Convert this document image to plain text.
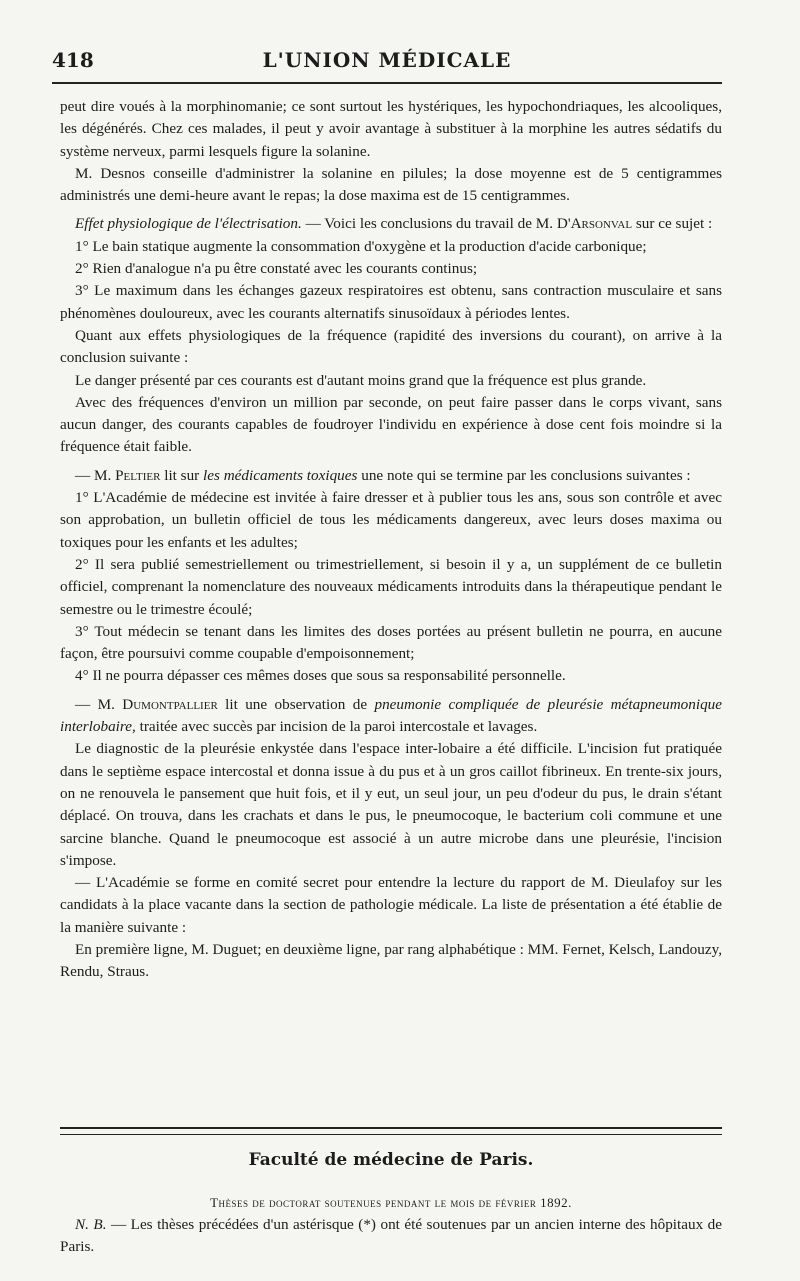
418	L'UNION MÉDICALE

peut dire voués à la morphinomanie; ce sont surtout les hystériques, les hypochondriaques, les alcooliques, les dégénérés. Chez ces malades, il peut y avoir avantage à substituer à la morphine les autres sédatifs du système nerveux, parmi lesquels figure la solanine.

M. Desnos conseille d'administrer la solanine en pilules; la dose moyenne est de 5 centigrammes administrés une demi-heure avant le repas; la dose maxima est de 15 centigrammes.

Effet physiologique de l'électrisation. — Voici les conclusions du travail de M. D'Arsonval sur ce sujet :

1° Le bain statique augmente la consommation d'oxygène et la production d'acide carbonique;

2° Rien d'analogue n'a pu être constaté avec les courants continus;

3° Le maximum dans les échanges gazeux respiratoires est obtenu, sans contraction musculaire et sans phénomènes douloureux, avec les courants alternatifs sinusoïdaux à périodes lentes.

Quant aux effets physiologiques de la fréquence (rapidité des inversions du courant), on arrive à la conclusion suivante :

Le danger présenté par ces courants est d'autant moins grand que la fréquence est plus grande.

Avec des fréquences d'environ un million par seconde, on peut faire passer dans le corps vivant, sans aucun danger, des courants capables de foudroyer l'individu en expérience à dose cent fois moindre si la fréquence était faible.

— M. Peltier lit sur les médicaments toxiques une note qui se termine par les conclusions suivantes :

1° L'Académie de médecine est invitée à faire dresser et à publier tous les ans, sous son contrôle et avec son approbation, un bulletin officiel de tous les médicaments dangereux, avec leurs doses maxima ou toxiques pour les enfants et les adultes;

2° Il sera publié semestriellement ou trimestriellement, si besoin il y a, un supplément de ce bulletin officiel, comprenant la nomenclature des nouveaux médicaments introduits dans la thérapeutique pendant le semestre ou le trimestre écoulé;

3° Tout médecin se tenant dans les limites des doses portées au présent bulletin ne pourra, en aucune façon, être poursuivi comme coupable d'empoisonnement;

4° Il ne pourra dépasser ces mêmes doses que sous sa responsabilité personnelle.

— M. Dumontpallier lit une observation de pneumonie compliquée de pleurésie métapneumonique interlobaire, traitée avec succès par incision de la paroi intercostale et lavages.

Le diagnostic de la pleurésie enkystée dans l'espace inter-lobaire a été difficile. L'incision fut pratiquée dans le septième espace intercostal et donna issue à du pus et à un gros caillot fibrineux. En trente-six jours, on ne renouvela le pansement que huit fois, et il y eut, un seul jour, un peu d'odeur du pus, le drain s'étant déplacé. On trouva, dans les crachats et dans le pus, le pneumocoque, le bacterium coli commune et une sarcine blanche. Quand le pneumocoque est associé à un autre microbe dans une pleurésie, l'incision s'impose.

— L'Académie se forme en comité secret pour entendre la lecture du rapport de M. Dieulafoy sur les candidats à la place vacante dans la section de pathologie médicale. La liste de présentation a été établie de la manière suivante :

En première ligne, M. Duguet; en deuxième ligne, par rang alphabétique : MM. Fernet, Kelsch, Landouzy, Rendu, Straus.

Faculté de médecine de Paris.
Thèses de doctorat soutenues pendant le mois de février 1892.
N. B. — Les thèses précédées d'un astérisque (*) ont été soutenues par un ancien interne des hôpitaux de Paris.
